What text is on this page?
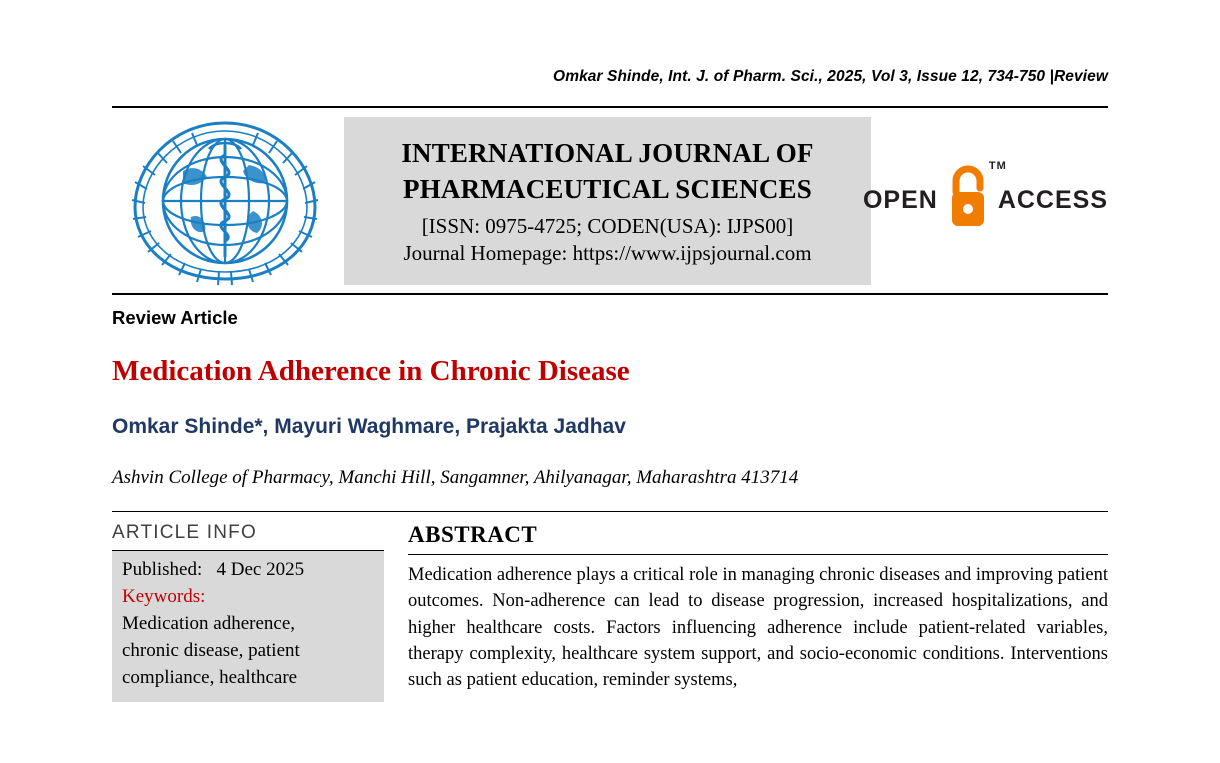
Omkar Shinde, Int. J. of Pharm. Sci., 2025, Vol 3, Issue 12, 734-750 |Review
INTERNATIONAL JOURNAL OF
PHARMACEUTICAL SCIENCES
[ISSN: 0975-4725; CODEN(USA): IJPS00]
Journal Homepage: https://www.ijpsjournal.com
OPEN
TM
ACCESS
Review Article
Medication Adherence in Chronic Disease
Omkar Shinde*, Mayuri Waghmare, Prajakta Jadhav
Ashvin College of Pharmacy, Manchi Hill, Sangamner, Ahilyanagar, Maharashtra 413714
ARTICLE INFO
Published: 4 Dec 2025
Keywords:
Medication adherence,
chronic disease, patient
compliance, healthcare
ABSTRACT
Medication adherence plays a critical role in managing chronic diseases and improving patient outcomes. Non-adherence can lead to disease progression, increased hospitalizations, and higher healthcare costs. Factors influencing adherence include patient-related variables, therapy complexity, healthcare system support, and socio-economic conditions. Interventions such as patient education, reminder systems,
